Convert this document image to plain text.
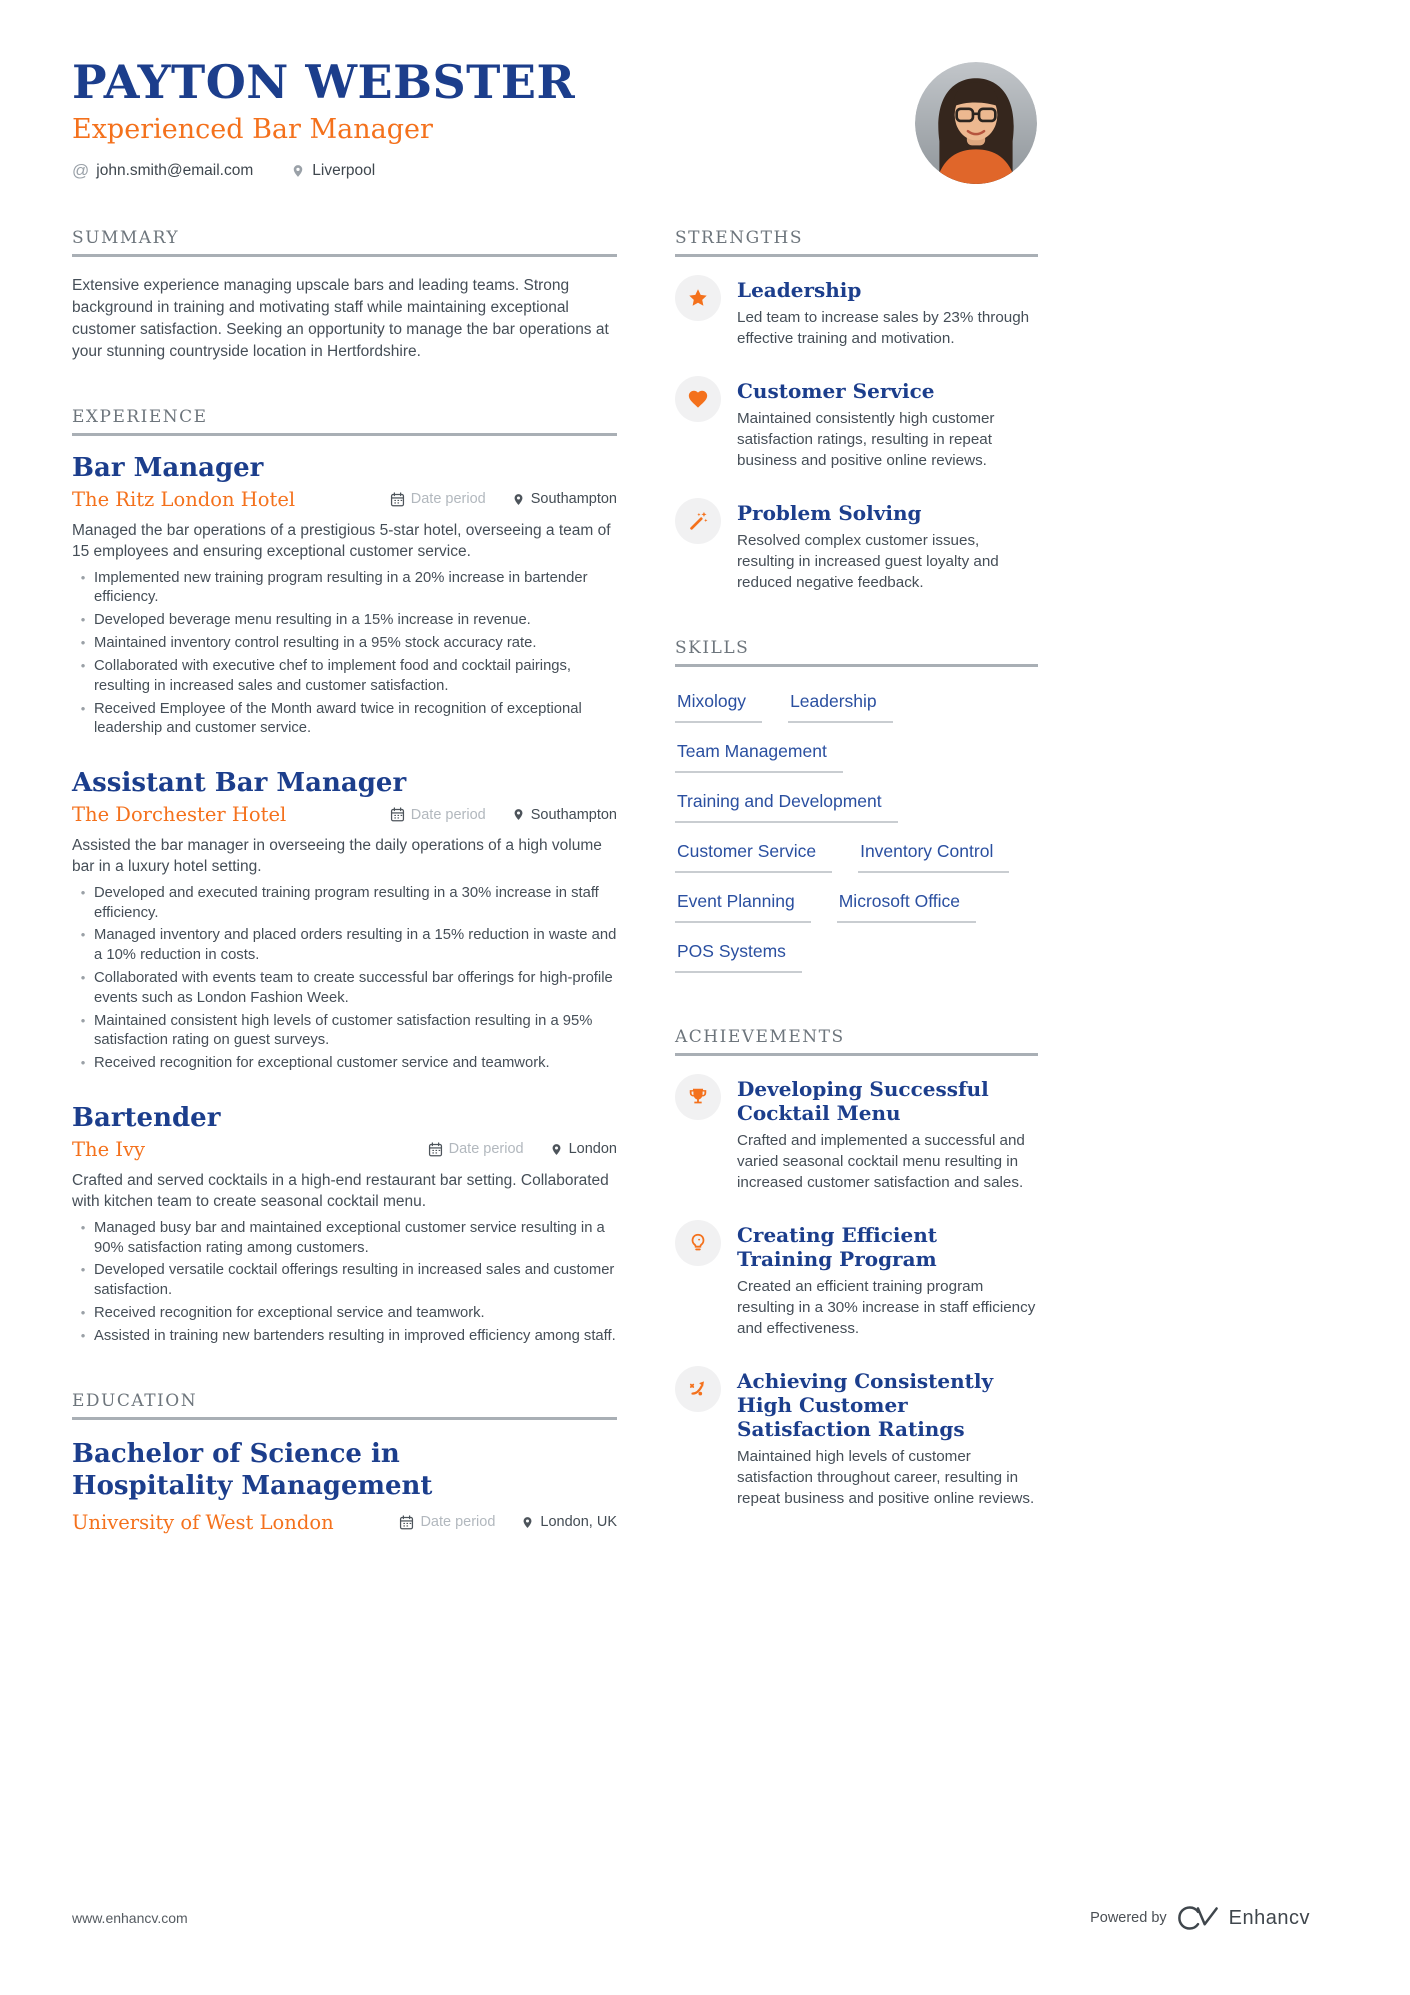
PAYTON WEBSTER
Experienced Bar Manager
@ john.smith@email.com	Liverpool
SUMMARY
Extensive experience managing upscale bars and leading teams. Strong background in training and motivating staff while maintaining exceptional customer satisfaction. Seeking an opportunity to manage the bar operations at your stunning countryside location in Hertfordshire.
EXPERIENCE
Bar Manager
The Ritz London Hotel	Date period	Southampton
Managed the bar operations of a prestigious 5-star hotel, overseeing a team of 15 employees and ensuring exceptional customer service.
• Implemented new training program resulting in a 20% increase in bartender efficiency.
• Developed beverage menu resulting in a 15% increase in revenue.
• Maintained inventory control resulting in a 95% stock accuracy rate.
• Collaborated with executive chef to implement food and cocktail pairings, resulting in increased sales and customer satisfaction.
• Received Employee of the Month award twice in recognition of exceptional leadership and customer service.
Assistant Bar Manager
The Dorchester Hotel	Date period	Southampton
Assisted the bar manager in overseeing the daily operations of a high volume bar in a luxury hotel setting.
• Developed and executed training program resulting in a 30% increase in staff efficiency.
• Managed inventory and placed orders resulting in a 15% reduction in waste and a 10% reduction in costs.
• Collaborated with events team to create successful bar offerings for high-profile events such as London Fashion Week.
• Maintained consistent high levels of customer satisfaction resulting in a 95% satisfaction rating on guest surveys.
• Received recognition for exceptional customer service and teamwork.
Bartender
The Ivy	Date period	London
Crafted and served cocktails in a high-end restaurant bar setting. Collaborated with kitchen team to create seasonal cocktail menu.
• Managed busy bar and maintained exceptional customer service resulting in a 90% satisfaction rating among customers.
• Developed versatile cocktail offerings resulting in increased sales and customer satisfaction.
• Received recognition for exceptional service and teamwork.
• Assisted in training new bartenders resulting in improved efficiency among staff.
EDUCATION
Bachelor of Science in Hospitality Management
University of West London	Date period	London, UK
STRENGTHS
Leadership
Led team to increase sales by 23% through effective training and motivation.
Customer Service
Maintained consistently high customer satisfaction ratings, resulting in repeat business and positive online reviews.
Problem Solving
Resolved complex customer issues, resulting in increased guest loyalty and reduced negative feedback.
SKILLS
Mixology	Leadership
Team Management
Training and Development
Customer Service	Inventory Control
Event Planning	Microsoft Office
POS Systems
ACHIEVEMENTS
Developing Successful Cocktail Menu
Crafted and implemented a successful and varied seasonal cocktail menu resulting in increased customer satisfaction and sales.
Creating Efficient Training Program
Created an efficient training program resulting in a 30% increase in staff efficiency and effectiveness.
Achieving Consistently High Customer Satisfaction Ratings
Maintained high levels of customer satisfaction throughout career, resulting in repeat business and positive online reviews.
www.enhancv.com	Powered by	Enhancv
